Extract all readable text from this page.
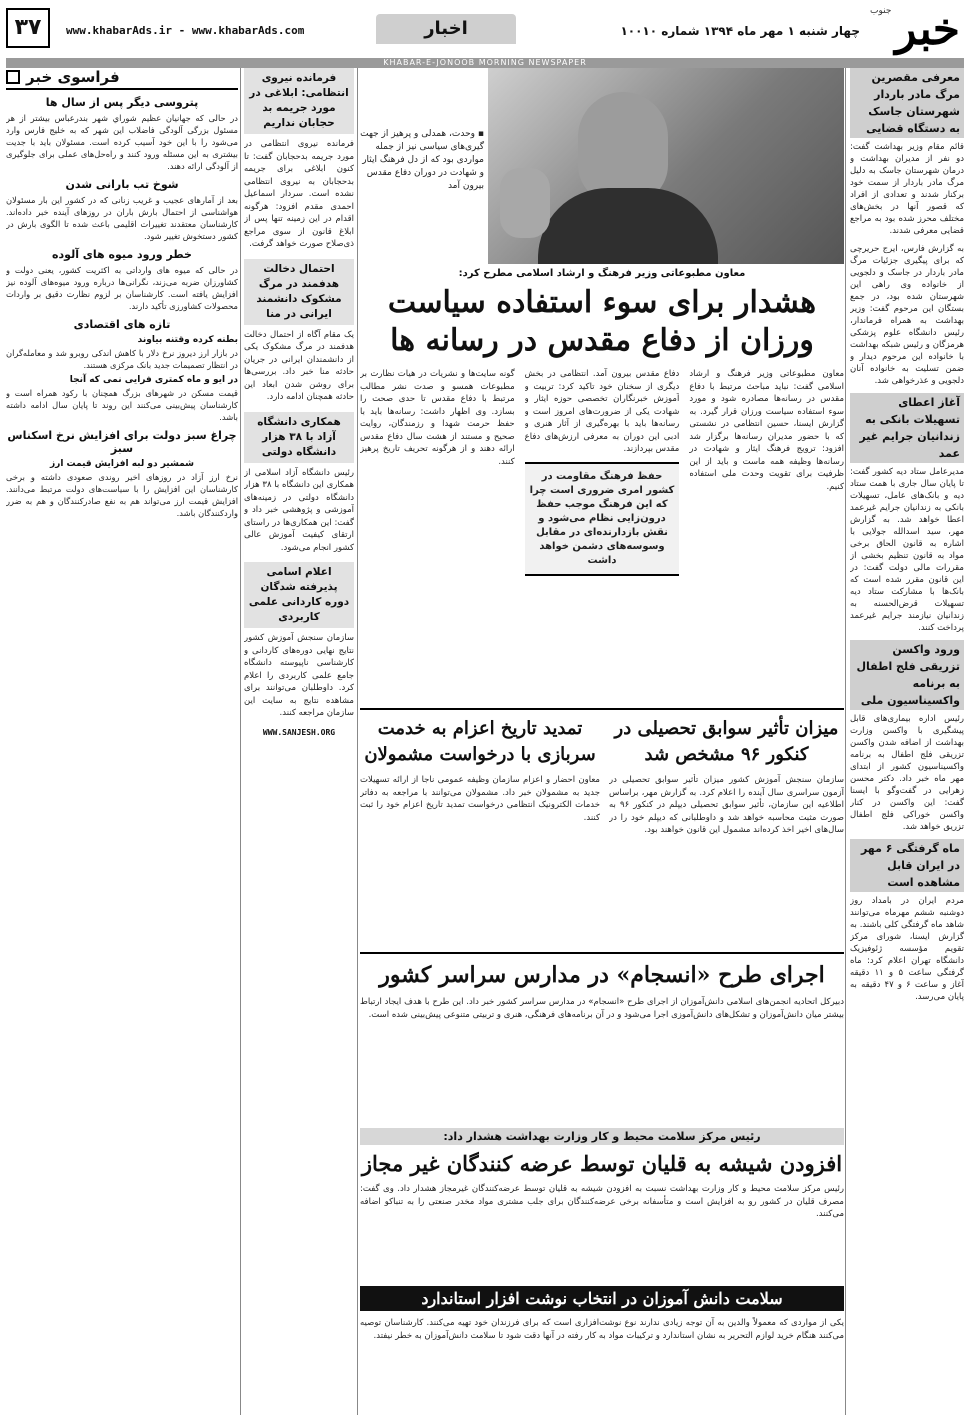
خبر
جنوب
چهار شنبه ۱ مهر ماه ۱۳۹۴ شماره ۱۰۰۱۰
اخبار
www.khabarAds.ir - www.khabarAds.com
۳۷
KHABAR-E-JONOOB MORNING NEWSPAPER
معرفی مقصرین مرگ مادر باردار شهرستان جاسک به دستگاه قضایی
قائم مقام وزیر بهداشت گفت: دو نفر از مدیران بهداشت و درمان شهرستان جاسک به دلیل مرگ مادر باردار از سمت خود برکنار شدند و تعدادی از افراد که قصور آنها در بخش‌های مختلف محرز شده بود به مراجع قضایی معرفی شدند.
به گزارش فارس، ایرج حریرچی که برای پیگیری جزئیات مرگ مادر باردار در جاسک و دلجویی از خانواده وی راهی این شهرستان شده بود، در جمع بستگان این مرحوم گفت: وزیر بهداشت به همراه فرماندار، رئیس دانشگاه علوم پزشکی هرمزگان و رئیس شبکه بهداشت با خانواده این مرحوم دیدار و ضمن تسلیت به خانواده آنان دلجویی و عذرخواهی شد.
آغاز اعطای تسهیلات بانکی به زندانیان جرایم غیر عمد
مدیرعامل ستاد دیه کشور گفت: تا پایان سال جاری با همت ستاد دیه و بانک‌های عامل، تسهیلات بانکی به زندانیان جرایم غیرعمد اعطا خواهد شد. به گزارش مهر، سید اسدالله جولایی با اشاره به قانون الحاق برخی مواد به قانون تنظیم بخشی از مقررات مالی دولت گفت: در این قانون مقرر شده است که بانک‌ها با مشارکت ستاد دیه تسهیلات قرض‌الحسنه به زندانیان نیازمند جرایم غیرعمد پرداخت کنند.
ورود واکسن تزریقی فلج اطفال به برنامه واکسیناسیون ملی
رئیس اداره بیماری‌های قابل پیشگیری با واکسن وزارت بهداشت از اضافه شدن واکسن تزریقی فلج اطفال به برنامه واکسیناسیون کشور از ابتدای مهر ماه خبر داد. دکتر محسن زهرایی در گفت‌وگو با ایسنا گفت: این واکسن در کنار واکسن خوراکی فلج اطفال تزریق خواهد شد.
ماه گرفتگی ۶ مهر در ایران قابل مشاهده است
مردم ایران در بامداد روز دوشنبه ششم مهرماه می‌توانند شاهد ماه گرفتگی کلی باشند. به گزارش ایسنا، شورای مرکز تقویم مؤسسه ژئوفیزیک دانشگاه تهران اعلام کرد: ماه گرفتگی ساعت ۵ و ۱۱ دقیقه آغاز و ساعت ۶ و ۴۷ دقیقه به پایان می‌رسد.
▪ وحدت، همدلی و پرهیز از جهت گیری‌های سیاسی نیز از جمله مواردی بود که از دل فرهنگ ایثار و شهادت در دوران دفاع مقدس بیرون آمد
معاون مطبوعاتی وزیر فرهنگ و ارشاد اسلامی مطرح کرد:
هشدار برای سوء استفاده سیاست ورزان از دفاع مقدس در رسانه ها
معاون مطبوعاتی وزیر فرهنگ و ارشاد اسلامی گفت: نباید مباحث مرتبط با دفاع مقدس در رسانه‌ها مصادره شود و مورد سوء استفاده سیاست ورزان قرار گیرد. به گزارش ایسنا، حسین انتظامی در نشستی که با حضور مدیران رسانه‌ها برگزار شد افزود: ترویج فرهنگ ایثار و شهادت در رسانه‌ها وظیفه همه ماست و باید از این ظرفیت برای تقویت وحدت ملی استفاده کنیم.
دفاع مقدس بیرون آمد. انتظامی در بخش دیگری از سخنان خود تاکید کرد: تربیت و آموزش خبرنگاران تخصصی حوزه ایثار و شهادت یکی از ضرورت‌های امروز است و رسانه‌ها باید با بهره‌گیری از آثار هنری و ادبی این دوران به معرفی ارزش‌های دفاع مقدس بپردازند.
حفظ فرهنگ مقاومت در کشور امری ضروری است چرا که این فرهنگ موجب حفظ درون‌زایی نظام می‌شود و نقش بازدارنده‌ای در مقابل وسوسه‌های دشمن خواهد داشت
گونه سایت‌ها و نشریات در هیات نظارت بر مطبوعات همسو و صدت نشر مطالب مرتبط با دفاع مقدس تا حدی صحت را بسازد. وی اظهار داشت: رسانه‌ها باید با حفظ حرمت شهدا و رزمندگان، روایت صحیح و مستند از هشت سال دفاع مقدس ارائه دهند و از هرگونه تحریف تاریخ پرهیز کنند.
میزان تأثیر سوابق تحصیلی در کنکور ۹۶ مشخص شد
سازمان سنجش آموزش کشور میزان تأثیر سوابق تحصیلی در آزمون سراسری سال آینده را اعلام کرد. به گزارش مهر، براساس اطلاعیه این سازمان، تأثیر سوابق تحصیلی دیپلم در کنکور ۹۶ به صورت مثبت محاسبه خواهد شد و داوطلبانی که دیپلم خود را در سال‌های اخیر اخذ کرده‌اند مشمول این قانون خواهند بود.
تمدید تاریخ اعزام به خدمت سربازی با درخواست مشمولان
معاون احضار و اعزام سازمان وظیفه عمومی ناجا از ارائه تسهیلات جدید به مشمولان خبر داد. مشمولان می‌توانند با مراجعه به دفاتر خدمات الکترونیک انتظامی درخواست تمدید تاریخ اعزام خود را ثبت کنند.
اجرای طرح «انسجام» در مدارس سراسر کشور
دبیرکل اتحادیه انجمن‌های اسلامی دانش‌آموزان از اجرای طرح «انسجام» در مدارس سراسر کشور خبر داد. این طرح با هدف ایجاد ارتباط بیشتر میان دانش‌آموزان و تشکل‌های دانش‌آموزی اجرا می‌شود و در آن برنامه‌های فرهنگی، هنری و تربیتی متنوعی پیش‌بینی شده است.
رئیس مرکز سلامت محیط و کار وزارت بهداشت هشدار داد:
افزودن شیشه به قلیان توسط عرضه کنندگان غیر مجاز
رئیس مرکز سلامت محیط و کار وزارت بهداشت نسبت به افزودن شیشه به قلیان توسط عرضه‌کنندگان غیرمجاز هشدار داد. وی گفت: مصرف قلیان در کشور رو به افزایش است و متأسفانه برخی عرضه‌کنندگان برای جلب مشتری مواد مخدر صنعتی را به تنباکو اضافه می‌کنند.
سلامت دانش آموزان در انتخاب نوشت افزار استاندارد
یکی از مواردی که معمولاً والدین به آن توجه زیادی ندارند نوع نوشت‌افزاری است که برای فرزندان خود تهیه می‌کنند. کارشناسان توصیه می‌کنند هنگام خرید لوازم التحریر به نشان استاندارد و ترکیبات مواد به کار رفته در آنها دقت شود تا سلامت دانش‌آموزان به خطر نیفتد.
فرمانده نیروی انتظامی: ابلاغی در مورد جریمه بد حجابان نداریم
فرمانده نیروی انتظامی در مورد جریمه بدحجابان گفت: تا کنون ابلاغی برای جریمه بدحجابان به نیروی انتظامی نشده است. سردار اسماعیل احمدی مقدم افزود: هرگونه اقدام در این زمینه تنها پس از ابلاغ قانون از سوی مراجع ذی‌صلاح صورت خواهد گرفت.
احتمال دخالت هدفمند در مرگ مشکوک دانشمند ایرانی در منا
یک مقام آگاه از احتمال دخالت هدفمند در مرگ مشکوک یکی از دانشمندان ایرانی در جریان حادثه منا خبر داد. بررسی‌ها برای روشن شدن ابعاد این حادثه همچنان ادامه دارد.
همکاری دانشگاه آزاد با ۳۸ هزار دانشگاه دولتی
رئیس دانشگاه آزاد اسلامی از همکاری این دانشگاه با ۳۸ هزار دانشگاه دولتی در زمینه‌های آموزشی و پژوهشی خبر داد و گفت: این همکاری‌ها در راستای ارتقای کیفیت آموزش عالی کشور انجام می‌شود.
اعلام اسامی پذیرفته شدگان دوره کاردانی علمی کاربردی
سازمان سنجش آموزش کشور نتایج نهایی دوره‌های کاردانی و کارشناسی ناپیوسته دانشگاه جامع علمی کاربردی را اعلام کرد. داوطلبان می‌توانند برای مشاهده نتایج به سایت این سازمان مراجعه کنند.
WWW.SANJESH.ORG
فراسوی خبر
پتروسی دیگر پس از سال ها
در حالی که جهانیان عظیم شوراي شهر بندرعباس بیشتر از هر مسئول بزرگی آلودگی فاضلاب این شهر که به خلیج فارس وارد می‌شود را با این خود آسیب کرده است. مسئولان باید با جدیت بیشتری به این مسئله ورود کنند و راه‌حل‌های عملی برای جلوگیری از آلودگی ارائه دهند.
شوخ تب بارانی شدن
بعد از آمارهای عجیب و غریب زنانی که در کشور این بار مسئولان هواشناسی از احتمال بارش باران در روزهای آینده خبر داده‌اند. کارشناسان معتقدند تغییرات اقلیمی باعث شده تا الگوی بارش در کشور دستخوش تغییر شود.
خطر ورود میوه های آلوده
در حالی که میوه های وارداتی به اکثریت کشور، یعنی دولت و کشاورزان ضربه می‌زند، نگرانی‌ها درباره ورود میوه‌های آلوده نیز افزایش یافته است. کارشناسان بر لزوم نظارت دقیق بر واردات محصولات کشاورزی تأکید دارند.
تازه های اقتصادی
بطنه کرده وقتنه بیاوند
در بازار ارز دیروز نرخ دلار با کاهش اندکی روبرو شد و معامله‌گران در انتظار تصمیمات جدید بانک مرکزی هستند.
در ایو و ماه کمتری فرایی نمی که آنجا
قیمت مسکن در شهرهای بزرگ همچنان با رکود همراه است و کارشناسان پیش‌بینی می‌کنند این روند تا پایان سال ادامه داشته باشد.
چراغ سبز دولت برای افزایش نرخ اسکناس سبز
شمشیر دو لبه افزایش قیمت ارز
نرخ ارز آزاد در روزهای اخیر روندی صعودی داشته و برخی کارشناسان این افزایش را با سیاست‌های دولت مرتبط می‌دانند. افزایش قیمت ارز می‌تواند هم به نفع صادرکنندگان و هم به ضرر واردکنندگان باشد.
